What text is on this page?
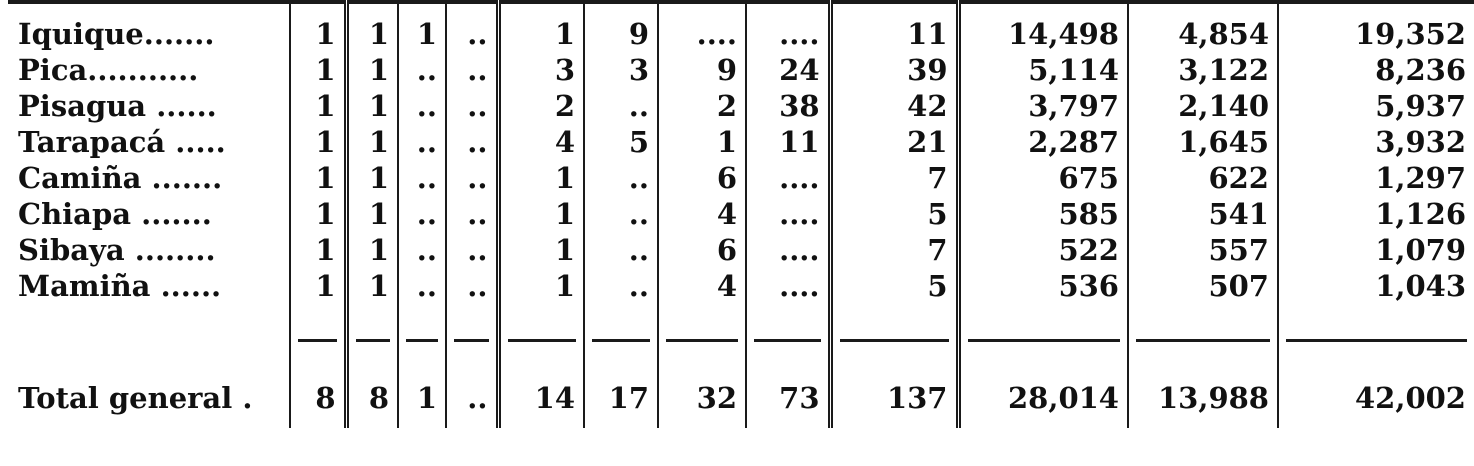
Iquique.......	1	1	1	..	1	9	....	....	11	14,498	4,854	19,352
Pica...........	1	1	..	..	3	3	9	24	39	5,114	3,122	8,236
Pisagua ......	1	1	..	..	2	..	2	38	42	3,797	2,140	5,937
Tarapacá .....	1	1	..	..	4	5	1	11	21	2,287	1,645	3,932
Camiña .......	1	1	..	..	1	..	6	....	7	675	622	1,297
Chiapa .......	1	1	..	..	1	..	4	....	5	585	541	1,126
Sibaya ........	1	1	..	..	1	..	6	....	7	522	557	1,079
Mamiña ......	1	1	..	..	1	..	4	....	5	536	507	1,043

Total general .	8	8	1	..	14	17	32	73	137	28,014	13,988	42,002
